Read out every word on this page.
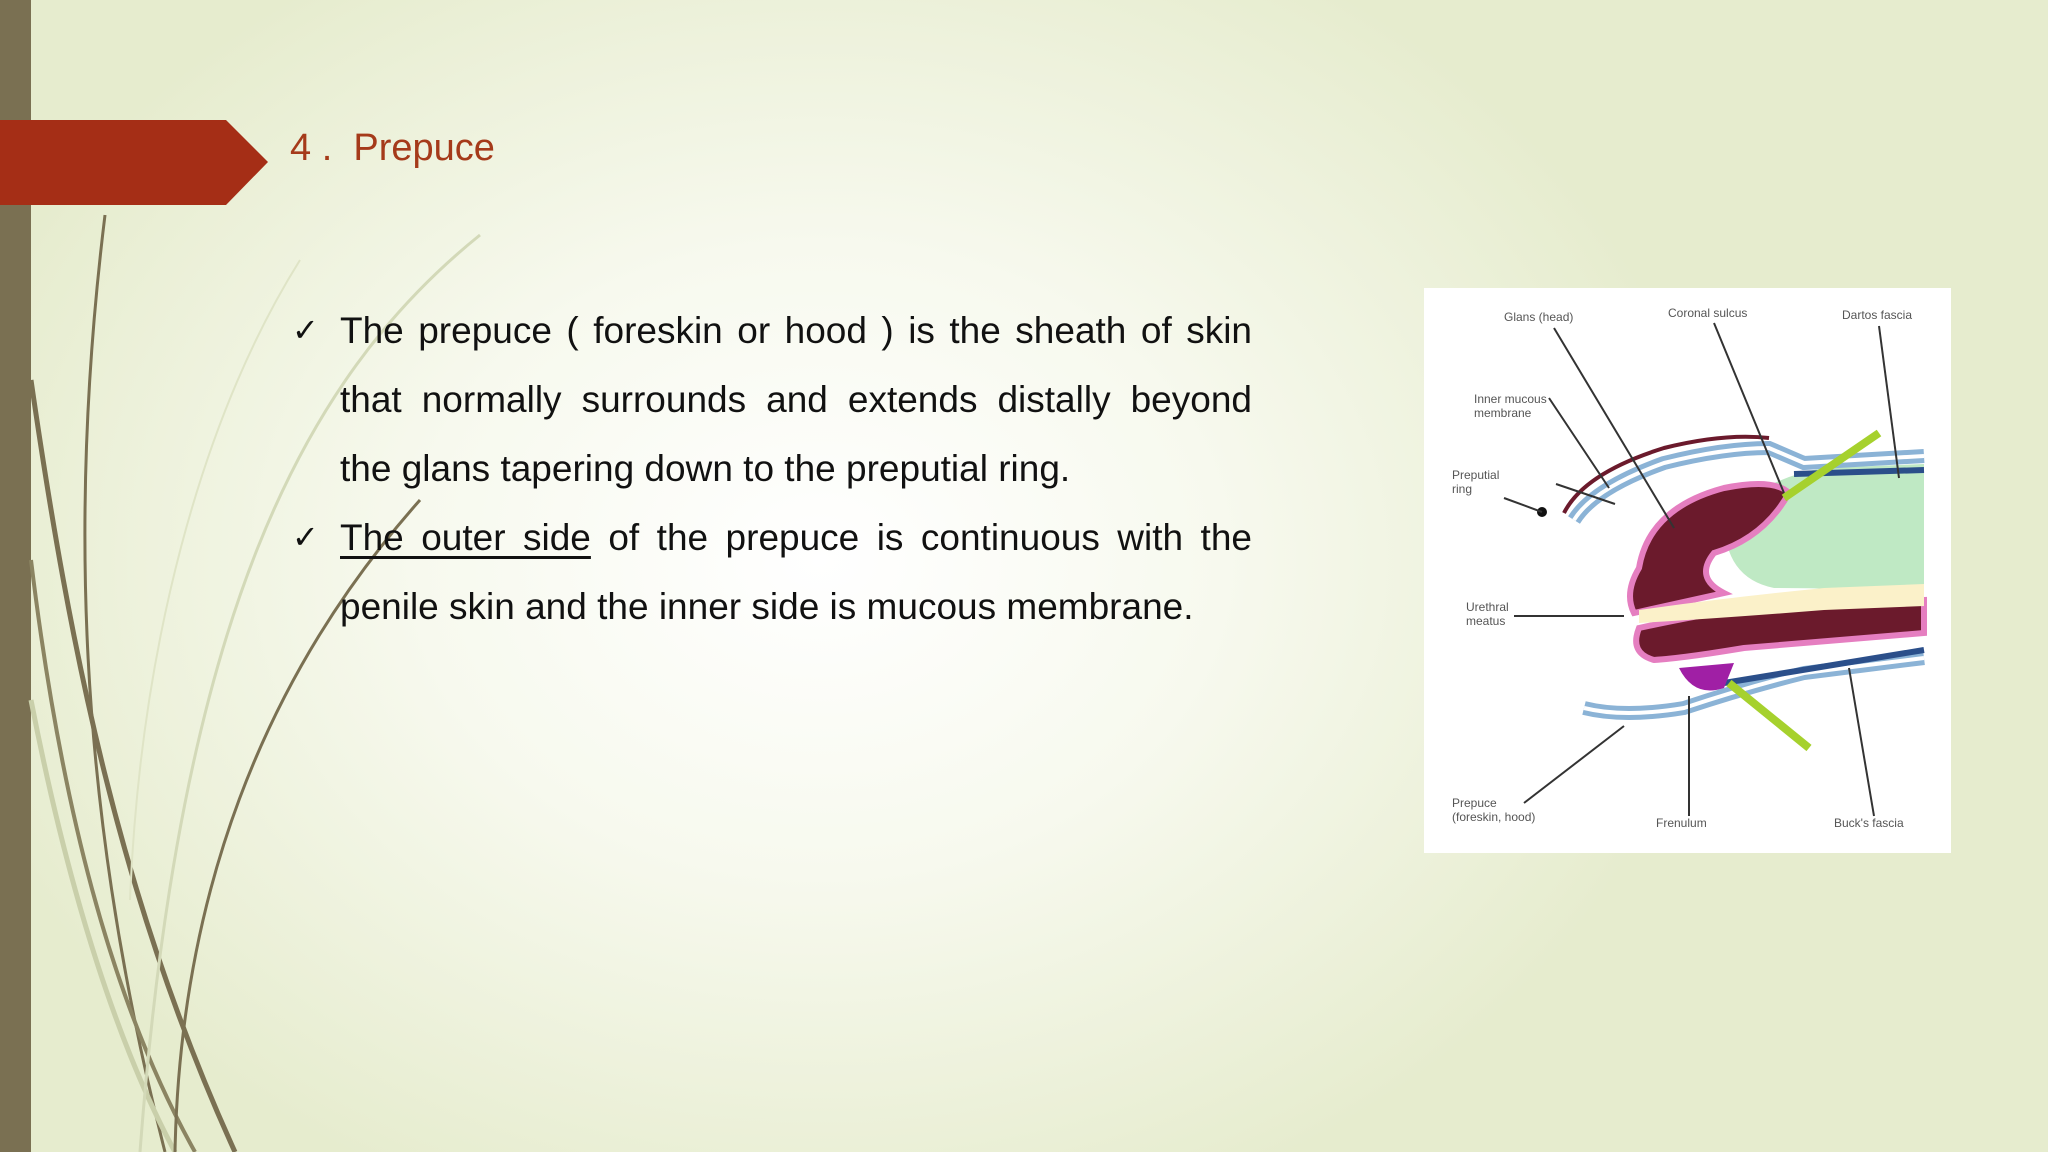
4 .  Prepuce
✓ The prepuce ( foreskin or hood ) is the sheath of skin that normally surrounds and extends distally beyond the glans tapering down to the preputial ring.
✓ The outer side of the prepuce is continuous with the penile skin and the inner side is mucous membrane.
Glans (head)	Coronal sulcus	Dartos fascia
Inner mucous
membrane
Preputial
ring
Urethral
meatus
Prepuce
(foreskin, hood)	Frenulum	Buck's fascia
